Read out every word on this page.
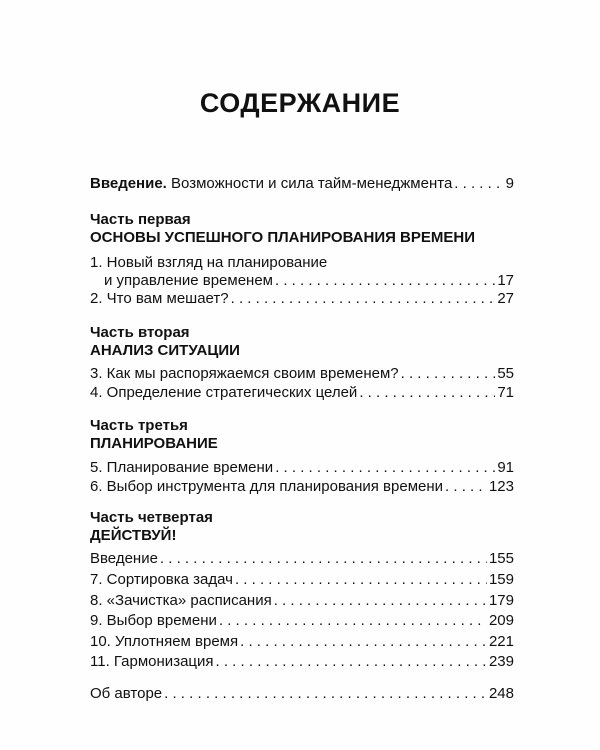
СОДЕРЖАНИЕ
Введение. Возможности и сила тайм-менеджмента . . .	9
Часть первая
ОСНОВЫ УСПЕШНОГО ПЛАНИРОВАНИЯ ВРЕМЕНИ
1. Новый взгляд на планирование
и управление временем . . .	17
2. Что вам мешает? . . .	27
Часть вторая
АНАЛИЗ СИТУАЦИИ
3. Как мы распоряжаемся своим временем? . . .	55
4. Определение стратегических целей . . .	71
Часть третья
ПЛАНИРОВАНИЕ
5. Планирование времени . . .	91
6. Выбор инструмента для планирования времени . . .	123
Часть четвертая
ДЕЙСТВУЙ!
Введение . . .	155
7. Сортировка задач . . .	159
8. «Зачистка» расписания . . .	179
9. Выбор времени . . .	209
10. Уплотняем время . . .	221
11. Гармонизация . . .	239
Об авторе . . .	248
